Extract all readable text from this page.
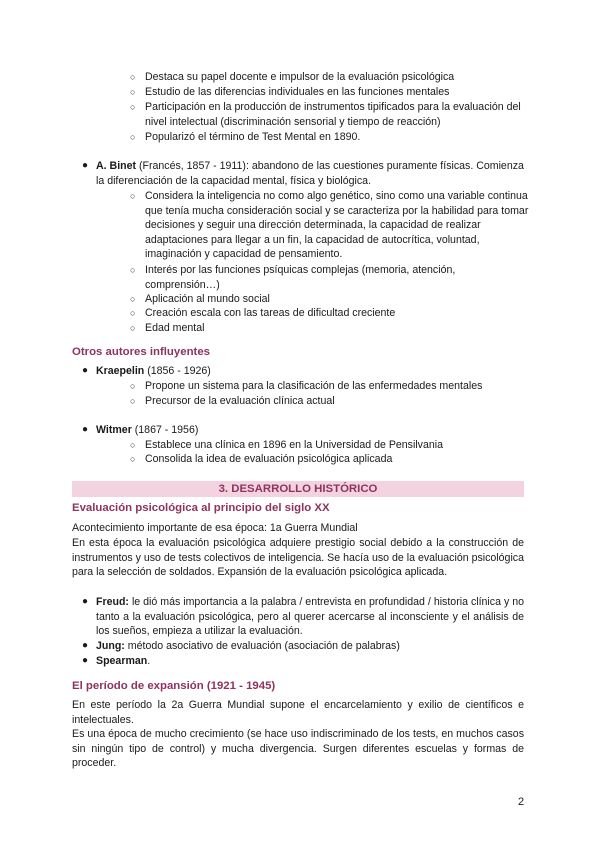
○ Destaca su papel docente e impulsor de la evaluación psicológica
○ Estudio de las diferencias individuales en las funciones mentales
○ Participación en la producción de instrumentos tipificados para la evaluación del nivel intelectual (discriminación sensorial y tiempo de reacción)
○ Popularizó el término de Test Mental en 1890.
● A. Binet (Francés, 1857 - 1911): abandono de las cuestiones puramente físicas. Comienza la diferenciación de la capacidad mental, física y biológica.
○ Considera la inteligencia no como algo genético, sino como una variable continua que tenía mucha consideración social y se caracteriza por la habilidad para tomar decisiones y seguir una dirección determinada, la capacidad de realizar adaptaciones para llegar a un fin, la capacidad de autocrítica, voluntad, imaginación y capacidad de pensamiento.
○ Interés por las funciones psíquicas complejas (memoria, atención, comprensión…)
○ Aplicación al mundo social
○ Creación escala con las tareas de dificultad creciente
○ Edad mental
Otros autores influyentes
● Kraepelin (1856 - 1926)
○ Propone un sistema para la clasificación de las enfermedades mentales
○ Precursor de la evaluación clínica actual
● Witmer (1867 - 1956)
○ Establece una clínica en 1896 en la Universidad de Pensilvania
○ Consolida la idea de evaluación psicológica aplicada
3. DESARROLLO HISTÓRICO
Evaluación psicológica al principio del siglo XX
Acontecimiento importante de esa época: 1a Guerra Mundial
En esta época la evaluación psicológica adquiere prestigio social debido a la construcción de instrumentos y uso de tests colectivos de inteligencia. Se hacía uso de la evaluación psicológica para la selección de soldados. Expansión de la evaluación psicológica aplicada.
● Freud: le dió más importancia a la palabra / entrevista en profundidad / historia clínica y no tanto a la evaluación psicológica, pero al querer acercarse al inconsciente y el análisis de los sueños, empieza a utilizar la evaluación.
● Jung: método asociativo de evaluación (asociación de palabras)
● Spearman.
El período de expansión (1921 - 1945)
En este período la 2a Guerra Mundial supone el encarcelamiento y exilio de científicos e intelectuales.
Es una época de mucho crecimiento (se hace uso indiscriminado de los tests, en muchos casos sin ningún tipo de control) y mucha divergencia. Surgen diferentes escuelas y formas de proceder.
2
